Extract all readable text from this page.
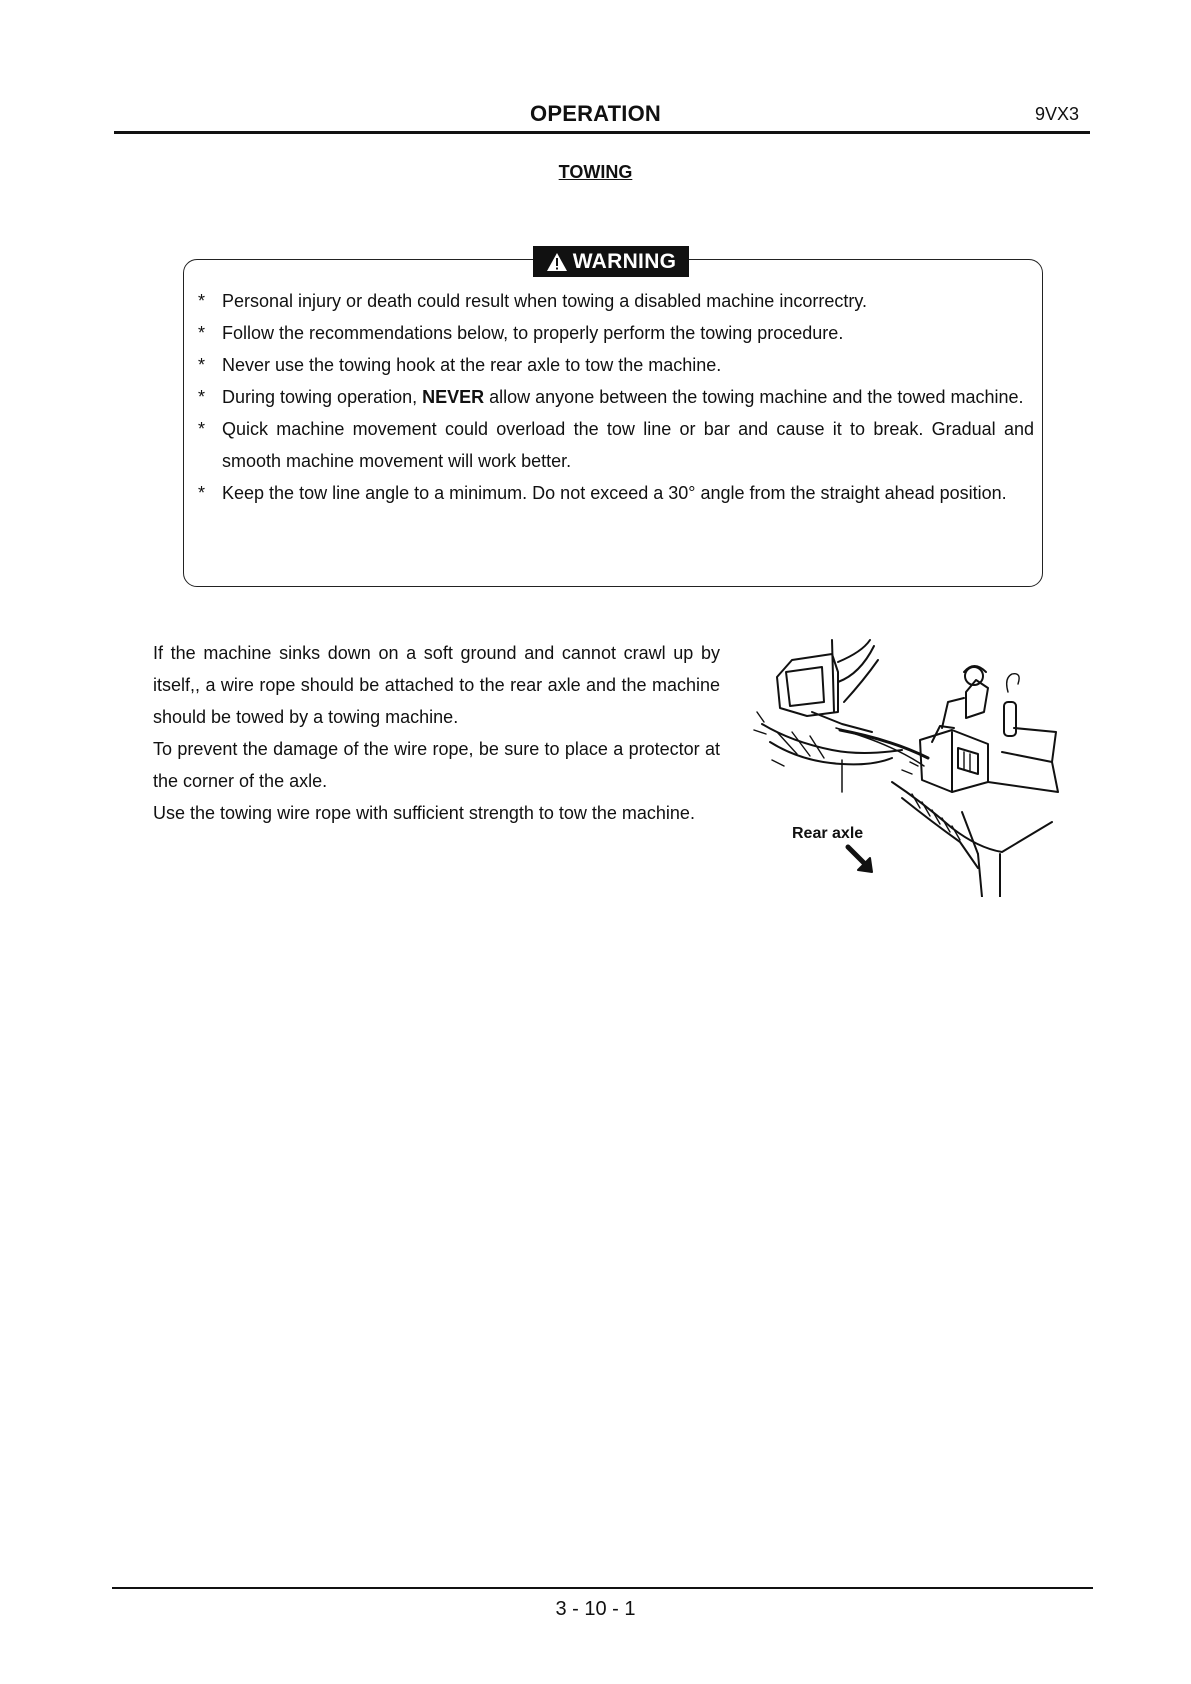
OPERATION	9VX3
TOWING
WARNING
* Personal injury or death could result when towing a disabled machine incorrectry.
* Follow the recommendations below, to properly perform the towing procedure.
* Never use the towing hook at the rear axle to tow the machine.
* During towing operation, NEVER allow anyone between the towing machine and the towed machine.
* Quick machine movement could overload the tow line or bar and cause it to break. Gradual and smooth machine movement will work better.
* Keep the tow line angle to a minimum. Do not exceed a 30° angle from the straight ahead position.

If the machine sinks down on a soft ground and cannot crawl up by itself,, a wire rope should be attached to the rear axle and the machine should be towed by a towing machine.

To prevent the damage of the wire rope, be sure to place a protector at the corner of the axle.

Use the towing wire rope with sufficient strength to tow the machine.

Rear axle
3 - 10 - 1
